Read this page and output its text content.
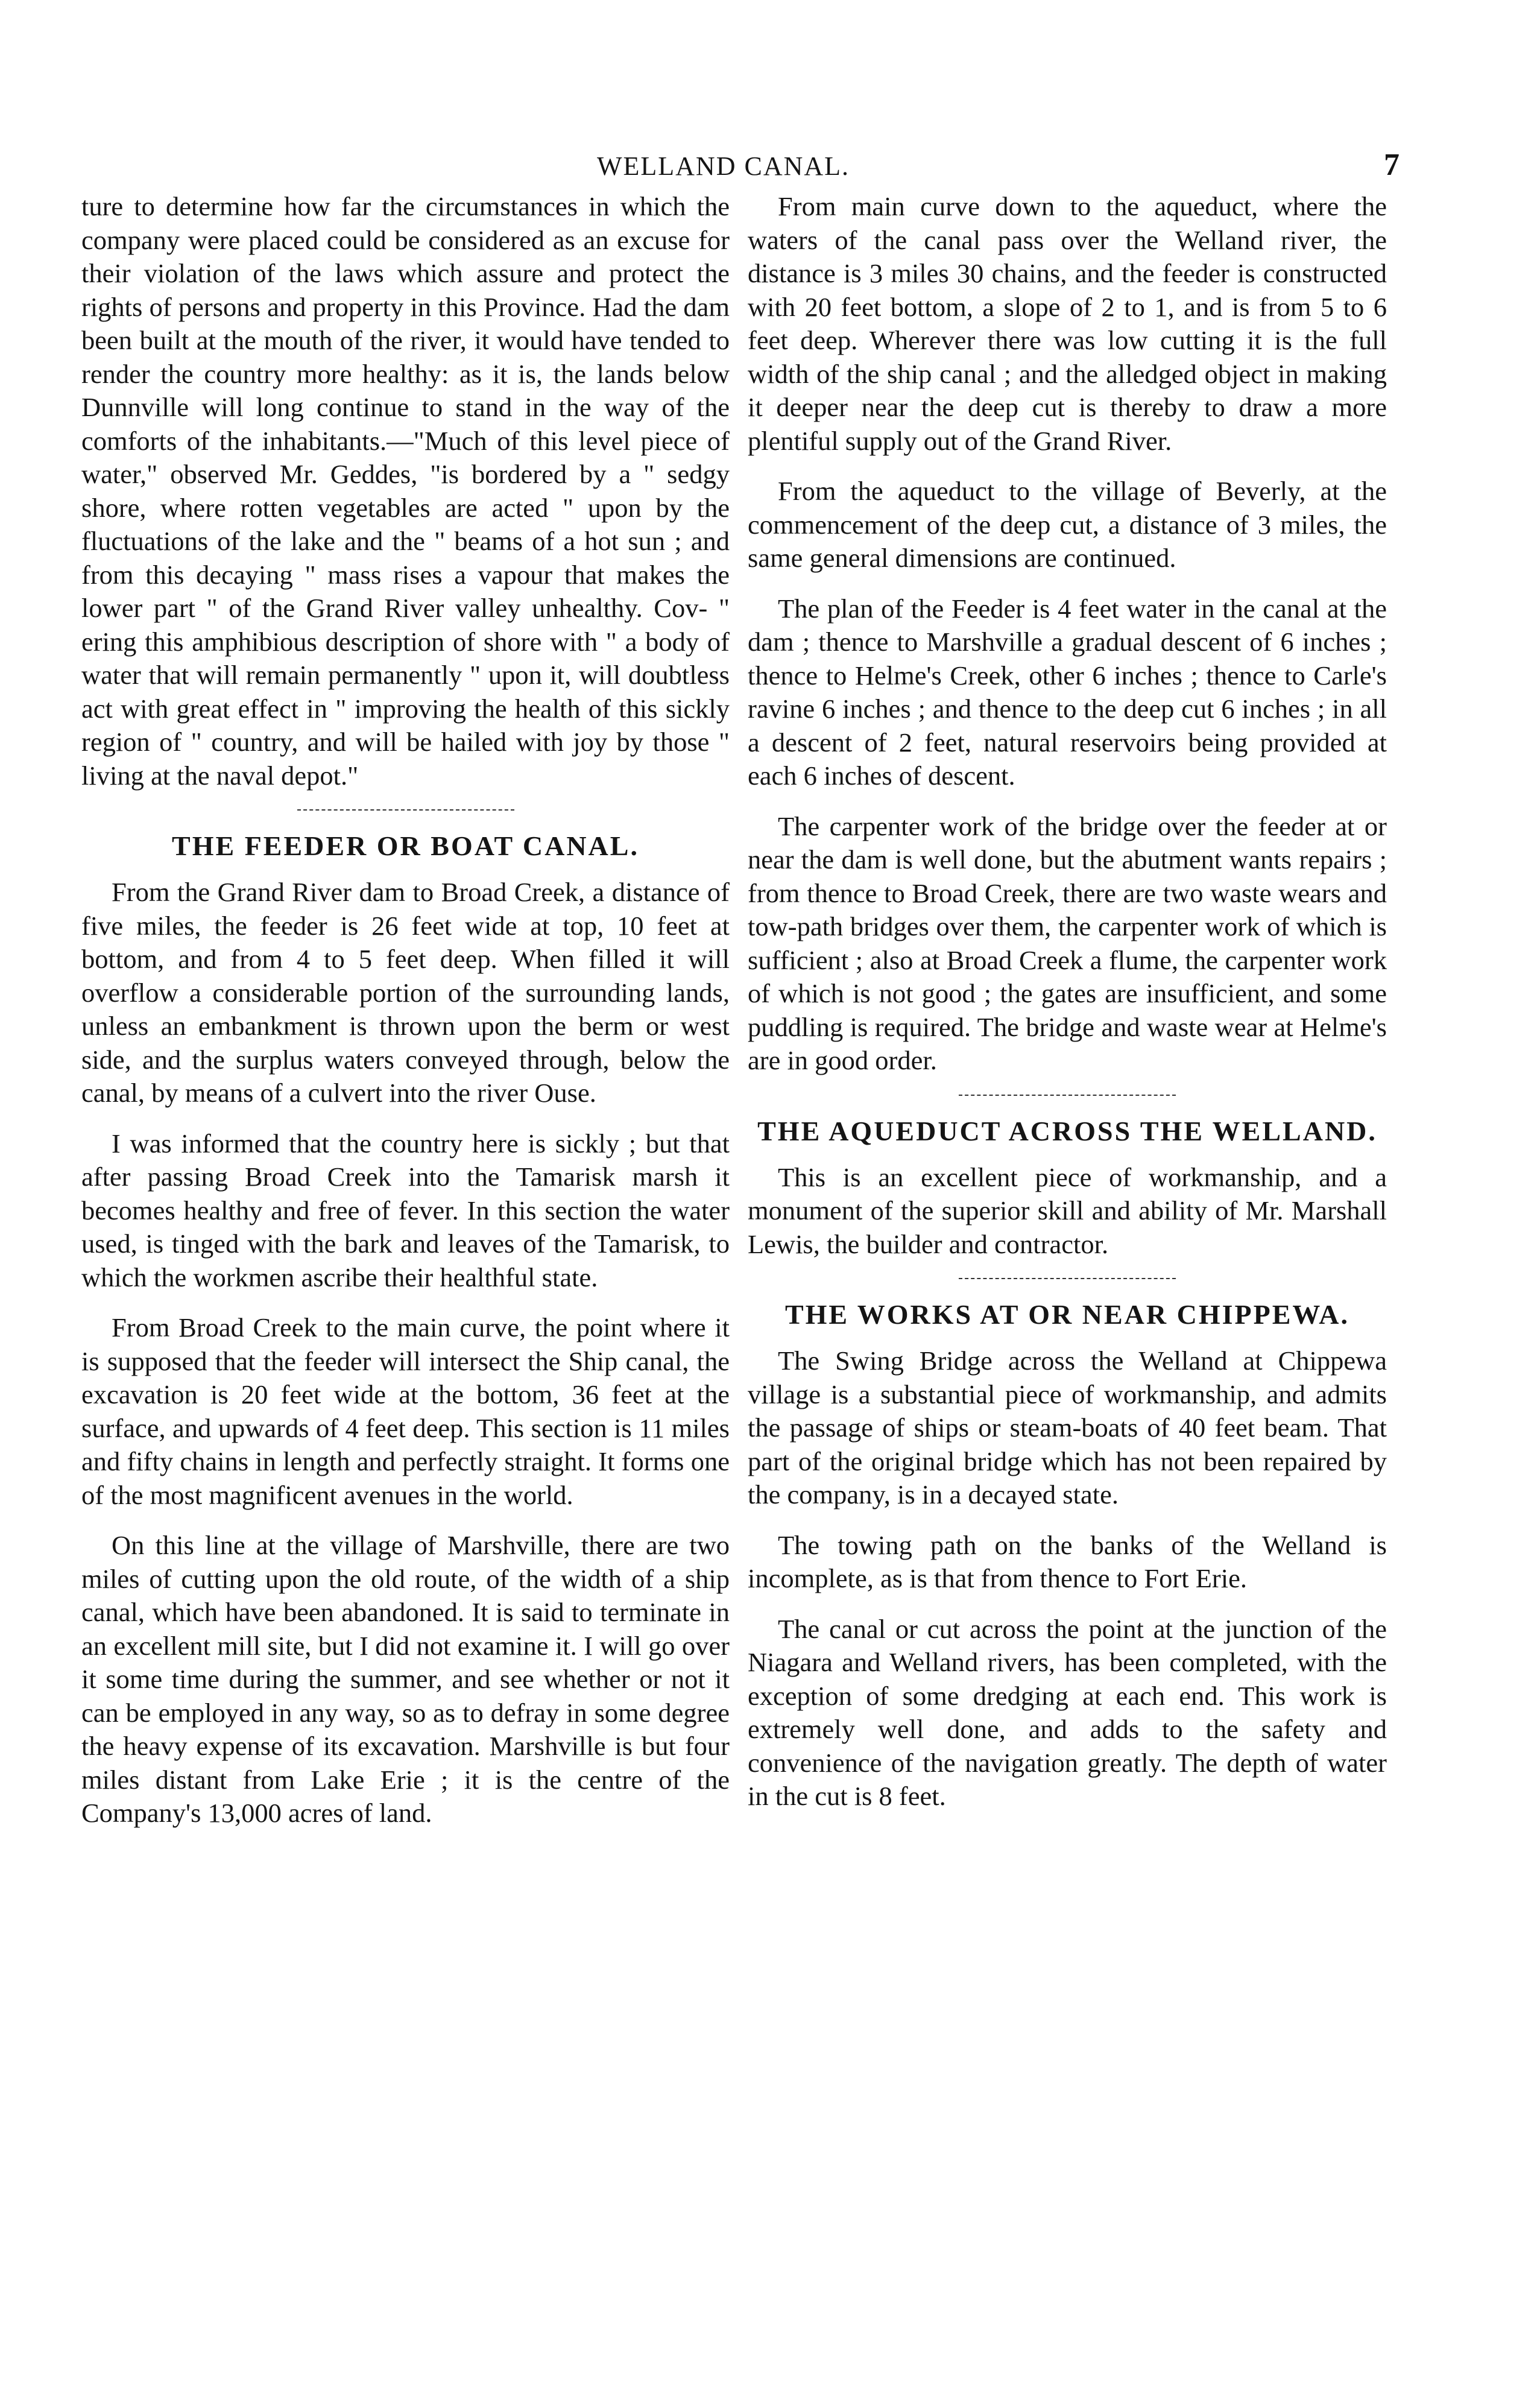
WELLAND CANAL.	7

ture to determine how far the circumstances in which the company were placed could be considered as an excuse for their violation of the laws which assure and protect the rights of persons and property in this Province. Had the dam been built at the mouth of the river, it would have tended to render the country more healthy: as it is, the lands below Dunnville will long continue to stand in the way of the comforts of the inhabitants.—"Much of this level piece of water," observed Mr. Geddes, "is bordered by a " sedgy shore, where rotten vegetables are acted " upon by the fluctuations of the lake and the " beams of a hot sun ; and from this decaying " mass rises a vapour that makes the lower part " of the Grand River valley unhealthy. Cov- " ering this amphibious description of shore with " a body of water that will remain permanently " upon it, will doubtless act with great effect in " improving the health of this sickly region of " country, and will be hailed with joy by those " living at the naval depot."

THE FEEDER OR BOAT CANAL.

From the Grand River dam to Broad Creek, a distance of five miles, the feeder is 26 feet wide at top, 10 feet at bottom, and from 4 to 5 feet deep. When filled it will overflow a considerable portion of the surrounding lands, unless an embankment is thrown upon the berm or west side, and the surplus waters conveyed through, below the canal, by means of a culvert into the river Ouse.

I was informed that the country here is sickly ; but that after passing Broad Creek into the Tamarisk marsh it becomes healthy and free of fever. In this section the water used, is tinged with the bark and leaves of the Tamarisk, to which the workmen ascribe their healthful state.

From Broad Creek to the main curve, the point where it is supposed that the feeder will intersect the Ship canal, the excavation is 20 feet wide at the bottom, 36 feet at the surface, and upwards of 4 feet deep. This section is 11 miles and fifty chains in length and perfectly straight. It forms one of the most magnificent avenues in the world.

On this line at the village of Marshville, there are two miles of cutting upon the old route, of the width of a ship canal, which have been abandoned. It is said to terminate in an excellent mill site, but I did not examine it. I will go over it some time during the summer, and see whether or not it can be employed in any way, so as to defray in some degree the heavy expense of its excavation. Marshville is but four miles distant from Lake Erie ; it is the centre of the Company's 13,000 acres of land.

From main curve down to the aqueduct, where the waters of the canal pass over the Welland river, the distance is 3 miles 30 chains, and the feeder is constructed with 20 feet bottom, a slope of 2 to 1, and is from 5 to 6 feet deep. Wherever there was low cutting it is the full width of the ship canal ; and the alledged object in making it deeper near the deep cut is thereby to draw a more plentiful supply out of the Grand River.

From the aqueduct to the village of Beverly, at the commencement of the deep cut, a distance of 3 miles, the same general dimensions are continued.

The plan of the Feeder is 4 feet water in the canal at the dam ; thence to Marshville a gradual descent of 6 inches ; thence to Helme's Creek, other 6 inches ; thence to Carle's ravine 6 inches ; and thence to the deep cut 6 inches ; in all a descent of 2 feet, natural reservoirs being provided at each 6 inches of descent.

The carpenter work of the bridge over the feeder at or near the dam is well done, but the abutment wants repairs ; from thence to Broad Creek, there are two waste wears and tow-path bridges over them, the carpenter work of which is sufficient ; also at Broad Creek a flume, the carpenter work of which is not good ; the gates are insufficient, and some puddling is required. The bridge and waste wear at Helme's are in good order.

THE AQUEDUCT ACROSS THE WELLAND.

This is an excellent piece of workmanship, and a monument of the superior skill and ability of Mr. Marshall Lewis, the builder and contractor.

THE WORKS AT OR NEAR CHIPPEWA.

The Swing Bridge across the Welland at Chippewa village is a substantial piece of workmanship, and admits the passage of ships or steam-boats of 40 feet beam. That part of the original bridge which has not been repaired by the company, is in a decayed state.

The towing path on the banks of the Welland is incomplete, as is that from thence to Fort Erie.

The canal or cut across the point at the junction of the Niagara and Welland rivers, has been completed, with the exception of some dredging at each end. This work is extremely well done, and adds to the safety and convenience of the navigation greatly. The depth of water in the cut is 8 feet.
